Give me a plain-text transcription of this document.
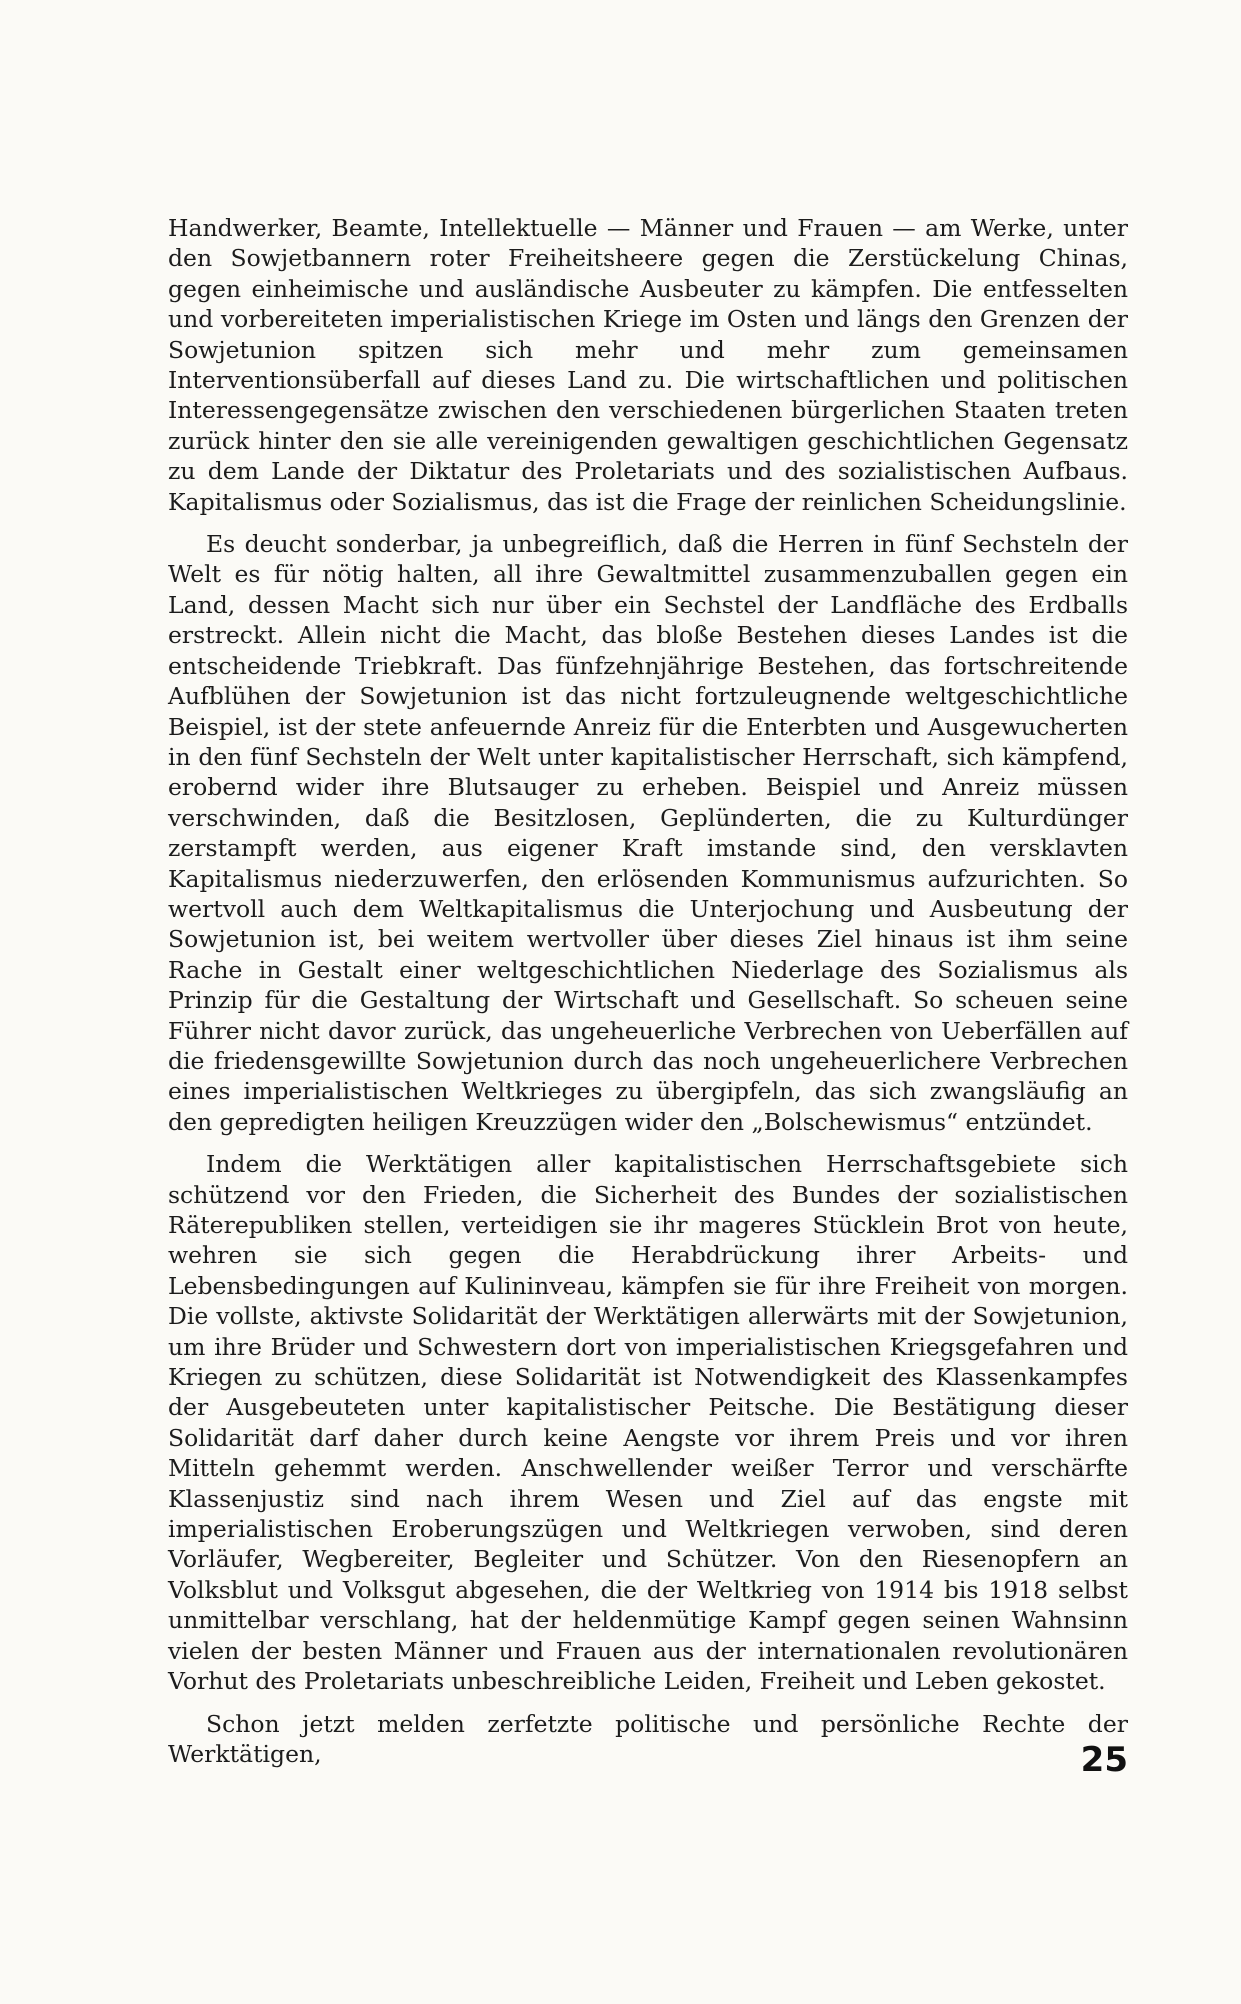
Handwerker, Beamte, Intellektuelle — Männer und Frauen — am Werke, unter den Sowjetbannern roter Freiheitsheere gegen die Zerstückelung Chinas, gegen einheimische und ausländische Ausbeuter zu kämpfen. Die entfesselten und vorbereiteten imperialistischen Kriege im Osten und längs den Grenzen der Sowjetunion spitzen sich mehr und mehr zum gemeinsamen Interventionsüberfall auf dieses Land zu. Die wirtschaftlichen und politischen Interessengegensätze zwischen den verschiedenen bürgerlichen Staaten treten zurück hinter den sie alle vereinigenden gewaltigen geschichtlichen Gegensatz zu dem Lande der Diktatur des Proletariats und des sozialistischen Aufbaus. Kapitalismus oder Sozialismus, das ist die Frage der reinlichen Scheidungslinie.

Es deucht sonderbar, ja unbegreiflich, daß die Herren in fünf Sechsteln der Welt es für nötig halten, all ihre Gewaltmittel zusammenzuballen gegen ein Land, dessen Macht sich nur über ein Sechstel der Landfläche des Erdballs erstreckt. Allein nicht die Macht, das bloße Bestehen dieses Landes ist die entscheidende Triebkraft. Das fünfzehnjährige Bestehen, das fortschreitende Aufblühen der Sowjetunion ist das nicht fortzuleugnende weltgeschichtliche Beispiel, ist der stete anfeuernde Anreiz für die Enterbten und Ausgewucherten in den fünf Sechsteln der Welt unter kapitalistischer Herrschaft, sich kämpfend, erobernd wider ihre Blutsauger zu erheben. Beispiel und Anreiz müssen verschwinden, daß die Besitzlosen, Geplünderten, die zu Kulturdünger zerstampft werden, aus eigener Kraft imstande sind, den versklavten Kapitalismus niederzuwerfen, den erlösenden Kommunismus aufzurichten. So wertvoll auch dem Weltkapitalismus die Unterjochung und Ausbeutung der Sowjetunion ist, bei weitem wertvoller über dieses Ziel hinaus ist ihm seine Rache in Gestalt einer weltgeschichtlichen Niederlage des Sozialismus als Prinzip für die Gestaltung der Wirtschaft und Gesellschaft. So scheuen seine Führer nicht davor zurück, das ungeheuerliche Verbrechen von Ueberfällen auf die friedensgewillte Sowjetunion durch das noch ungeheuerlichere Verbrechen eines imperialistischen Weltkrieges zu übergipfeln, das sich zwangsläufig an den gepredigten heiligen Kreuzzügen wider den „Bolschewismus“ entzündet.

Indem die Werktätigen aller kapitalistischen Herrschaftsgebiete sich schützend vor den Frieden, die Sicherheit des Bundes der sozialistischen Räterepubliken stellen, verteidigen sie ihr mageres Stücklein Brot von heute, wehren sie sich gegen die Herabdrückung ihrer Arbeits- und Lebensbedingungen auf Kulininveau, kämpfen sie für ihre Freiheit von morgen. Die vollste, aktivste Solidarität der Werktätigen allerwärts mit der Sowjetunion, um ihre Brüder und Schwestern dort von imperialistischen Kriegsgefahren und Kriegen zu schützen, diese Solidarität ist Notwendigkeit des Klassenkampfes der Ausgebeuteten unter kapitalistischer Peitsche. Die Bestätigung dieser Solidarität darf daher durch keine Aengste vor ihrem Preis und vor ihren Mitteln gehemmt werden. Anschwellender weißer Terror und verschärfte Klassenjustiz sind nach ihrem Wesen und Ziel auf das engste mit imperialistischen Eroberungszügen und Weltkriegen verwoben, sind deren Vorläufer, Wegbereiter, Begleiter und Schützer. Von den Riesenopfern an Volksblut und Volksgut abgesehen, die der Weltkrieg von 1914 bis 1918 selbst unmittelbar verschlang, hat der heldenmütige Kampf gegen seinen Wahnsinn vielen der besten Männer und Frauen aus der internationalen revolutionären Vorhut des Proletariats unbeschreibliche Leiden, Freiheit und Leben gekostet.

Schon jetzt melden zerfetzte politische und persönliche Rechte der Werktätigen,	25
